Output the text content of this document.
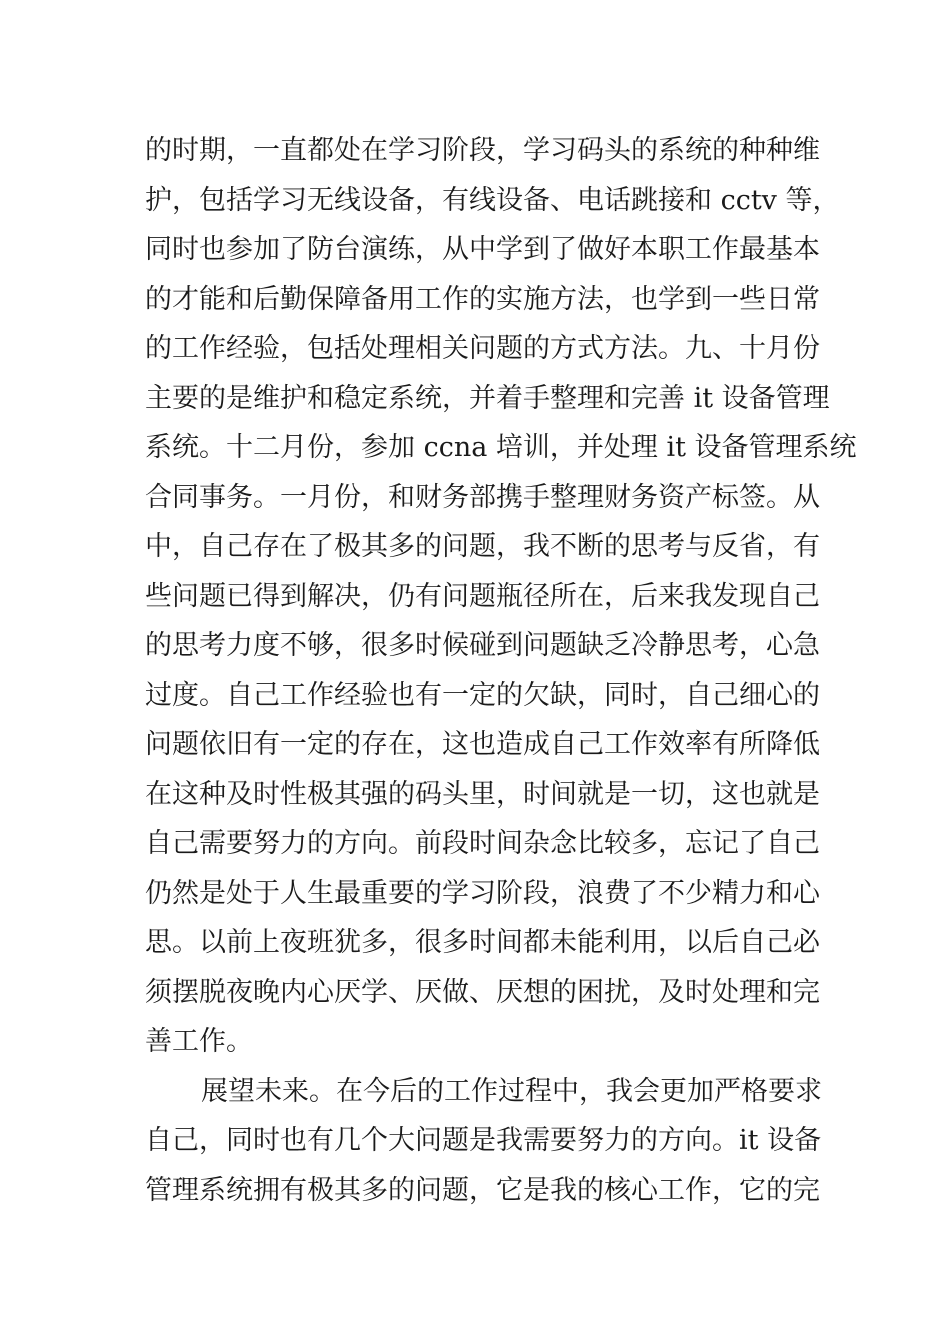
的时期，一直都处在学习阶段，学习码头的系统的种种维
护，包括学习无线设备，有线设备、电话跳接和 cctv 等，
同时也参加了防台演练，从中学到了做好本职工作最基本
的才能和后勤保障备用工作的实施方法，也学到一些日常
的工作经验，包括处理相关问题的方式方法。九、十月份
主要的是维护和稳定系统，并着手整理和完善 it 设备管理
系统。十二月份，参加 ccna 培训，并处理 it 设备管理系统
合同事务。一月份，和财务部携手整理财务资产标签。从
中，自己存在了极其多的问题，我不断的思考与反省，有
些问题已得到解决，仍有问题瓶径所在，后来我发现自己
的思考力度不够，很多时候碰到问题缺乏冷静思考，心急
过度。自己工作经验也有一定的欠缺，同时，自己细心的
问题依旧有一定的存在，这也造成自己工作效率有所降低
在这种及时性极其强的码头里，时间就是一切，这也就是
自己需要努力的方向。前段时间杂念比较多，忘记了自己
仍然是处于人生最重要的学习阶段，浪费了不少精力和心
思。以前上夜班犹多，很多时间都未能利用，以后自己必
须摆脱夜晚内心厌学、厌做、厌想的困扰，及时处理和完
善工作。
展望未来。在今后的工作过程中，我会更加严格要求
自己，同时也有几个大问题是我需要努力的方向。it 设备
管理系统拥有极其多的问题，它是我的核心工作，它的完
